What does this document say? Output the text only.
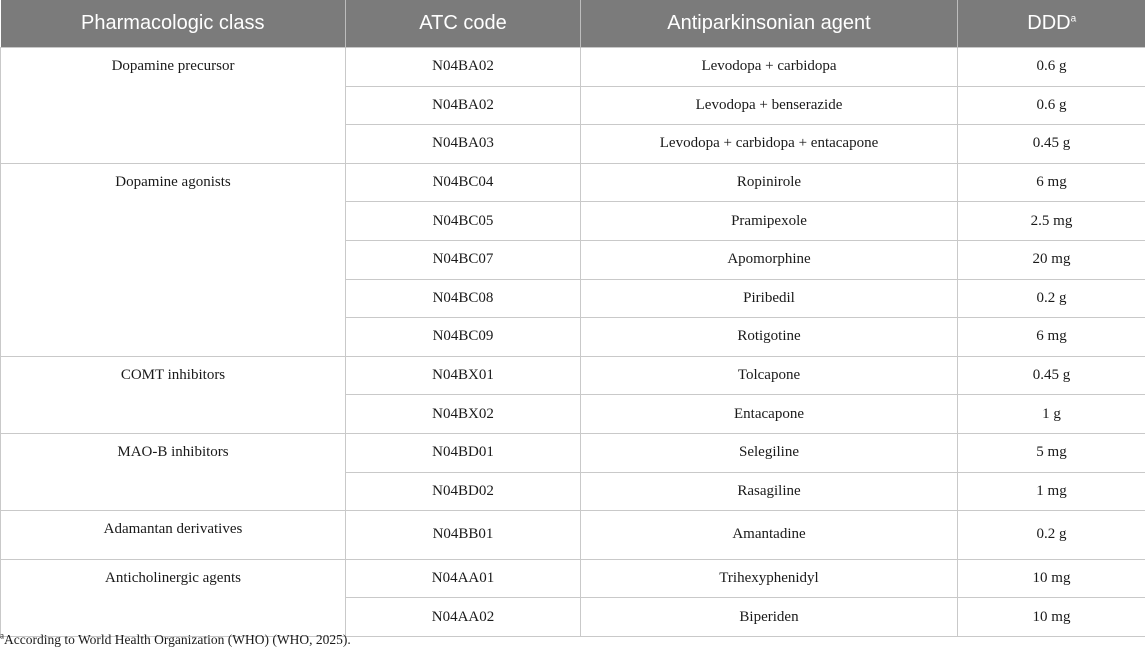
Pharmacologic class	ATC code	Antiparkinsonian agent	DDD$^a$
Dopamine precursor	N04BA02	Levodopa + carbidopa	0.6 g
	N04BA02	Levodopa + benserazide	0.6 g
	N04BA03	Levodopa + carbidopa + entacapone	0.45 g
Dopamine agonists	N04BC04	Ropinirole	6 mg
	N04BC05	Pramipexole	2.5 mg
	N04BC07	Apomorphine	20 mg
	N04BC08	Piribedil	0.2 g
	N04BC09	Rotigotine	6 mg
COMT inhibitors	N04BX01	Tolcapone	0.45 g
	N04BX02	Entacapone	1 g
MAO-B inhibitors	N04BD01	Selegiline	5 mg
	N04BD02	Rasagiline	1 mg
Adamantan derivatives	N04BB01	Amantadine	0.2 g
Anticholinergic agents	N04AA01	Trihexyphenidyl	10 mg
	N04AA02	Biperiden	10 mg
$^a$According to World Health Organization (WHO) (WHO, 2025).
